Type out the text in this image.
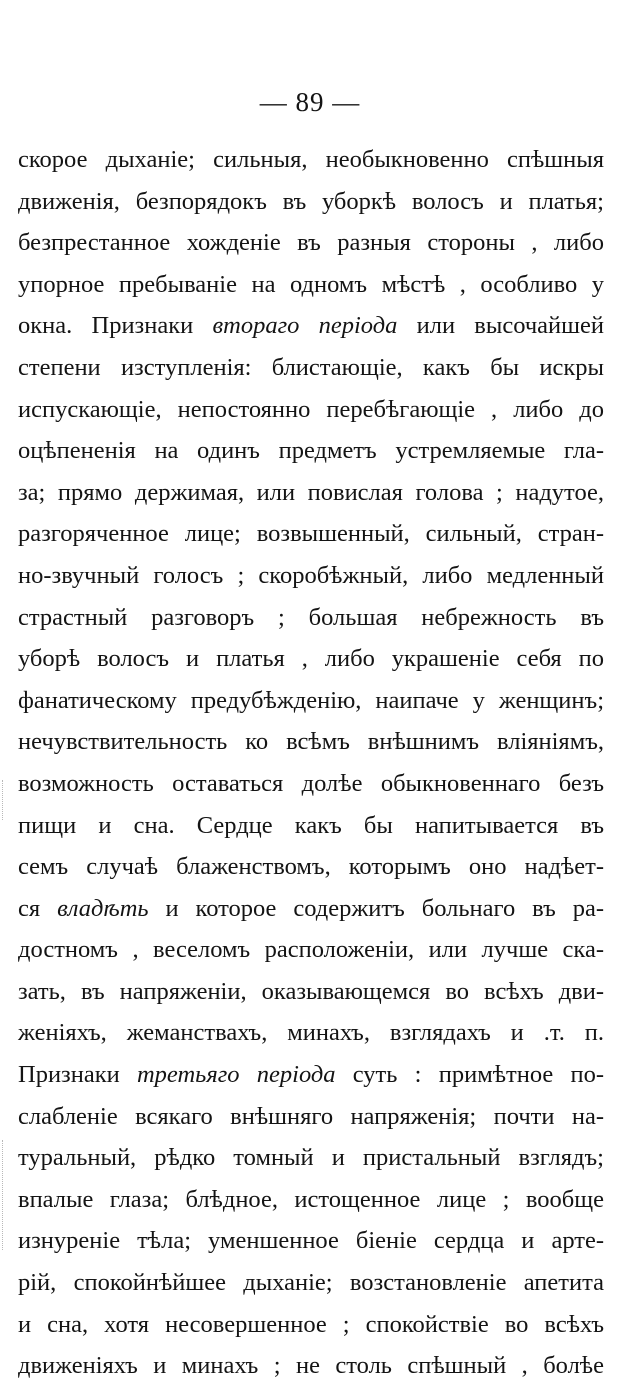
— 89 —
скорое дыханіе; сильныя, необыкновенно спѣшныя
движенія, безпорядокъ въ уборкѣ волосъ и платья;
безпрестанное хожденіе въ разныя стороны , либо
упорное пребываніе на одномъ мѣстѣ , особливо у
окна. Признаки втораго періода или высочайшей
степени изступленія: блистающіе, какъ бы искры
испускающіе, непостоянно перебѣгающіе , либо до
оцѣпененія на одинъ предметъ устремляемые гла-
за; прямо держимая, или повислая голова ; надутое,
разгоряченное лице; возвышенный, сильный, стран-
но-звучный голосъ ; скоробѣжный, либо медленный
страстный разговоръ ; большая небрежность въ
уборѣ волосъ и платья , либо украшеніе себя по
фанатическому предубѣжденію, наипаче у женщинъ;
нечувствительность ко всѣмъ внѣшнимъ вліяніямъ,
возможность оставаться долѣе обыкновеннаго безъ
пищи и сна. Сердце какъ бы напитывается въ
семъ случаѣ блаженствомъ, которымъ оно надѣет-
ся владѣть и которое содержитъ больнаго въ ра-
достномъ , веселомъ расположеніи, или лучше ска-
зать, въ напряженіи, оказывающемся во всѣхъ дви-
женіяхъ, жеманствахъ, минахъ, взглядахъ и .т. п.
Признаки третьяго періода суть : примѣтное по-
слабленіе всякаго внѣшняго напряженія; почти на-
туральный, рѣдко томный и пристальный взглядъ;
впалые глаза; блѣдное, истощенное лице ; вообще
изнуреніе тѣла; уменшенное біеніе сердца и арте-
рій, спокойнѣйшее дыханіе; возстановленіе апетита
и сна, хотя несовершенное ; спокойствіе во всѣхъ
движеніяхъ и минахъ ; не столь спѣшный , болѣе
